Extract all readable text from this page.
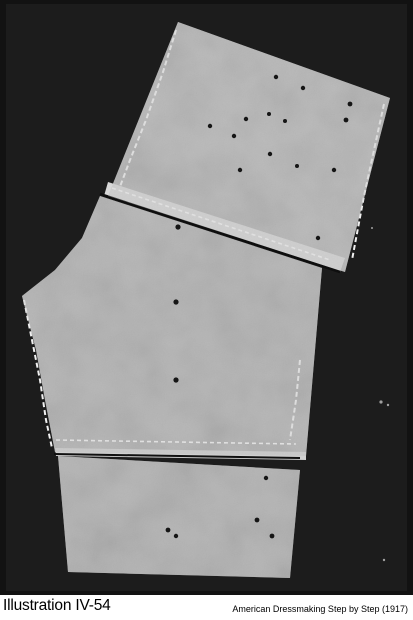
Illustration IV-54	American Dressmaking Step by Step (1917)
